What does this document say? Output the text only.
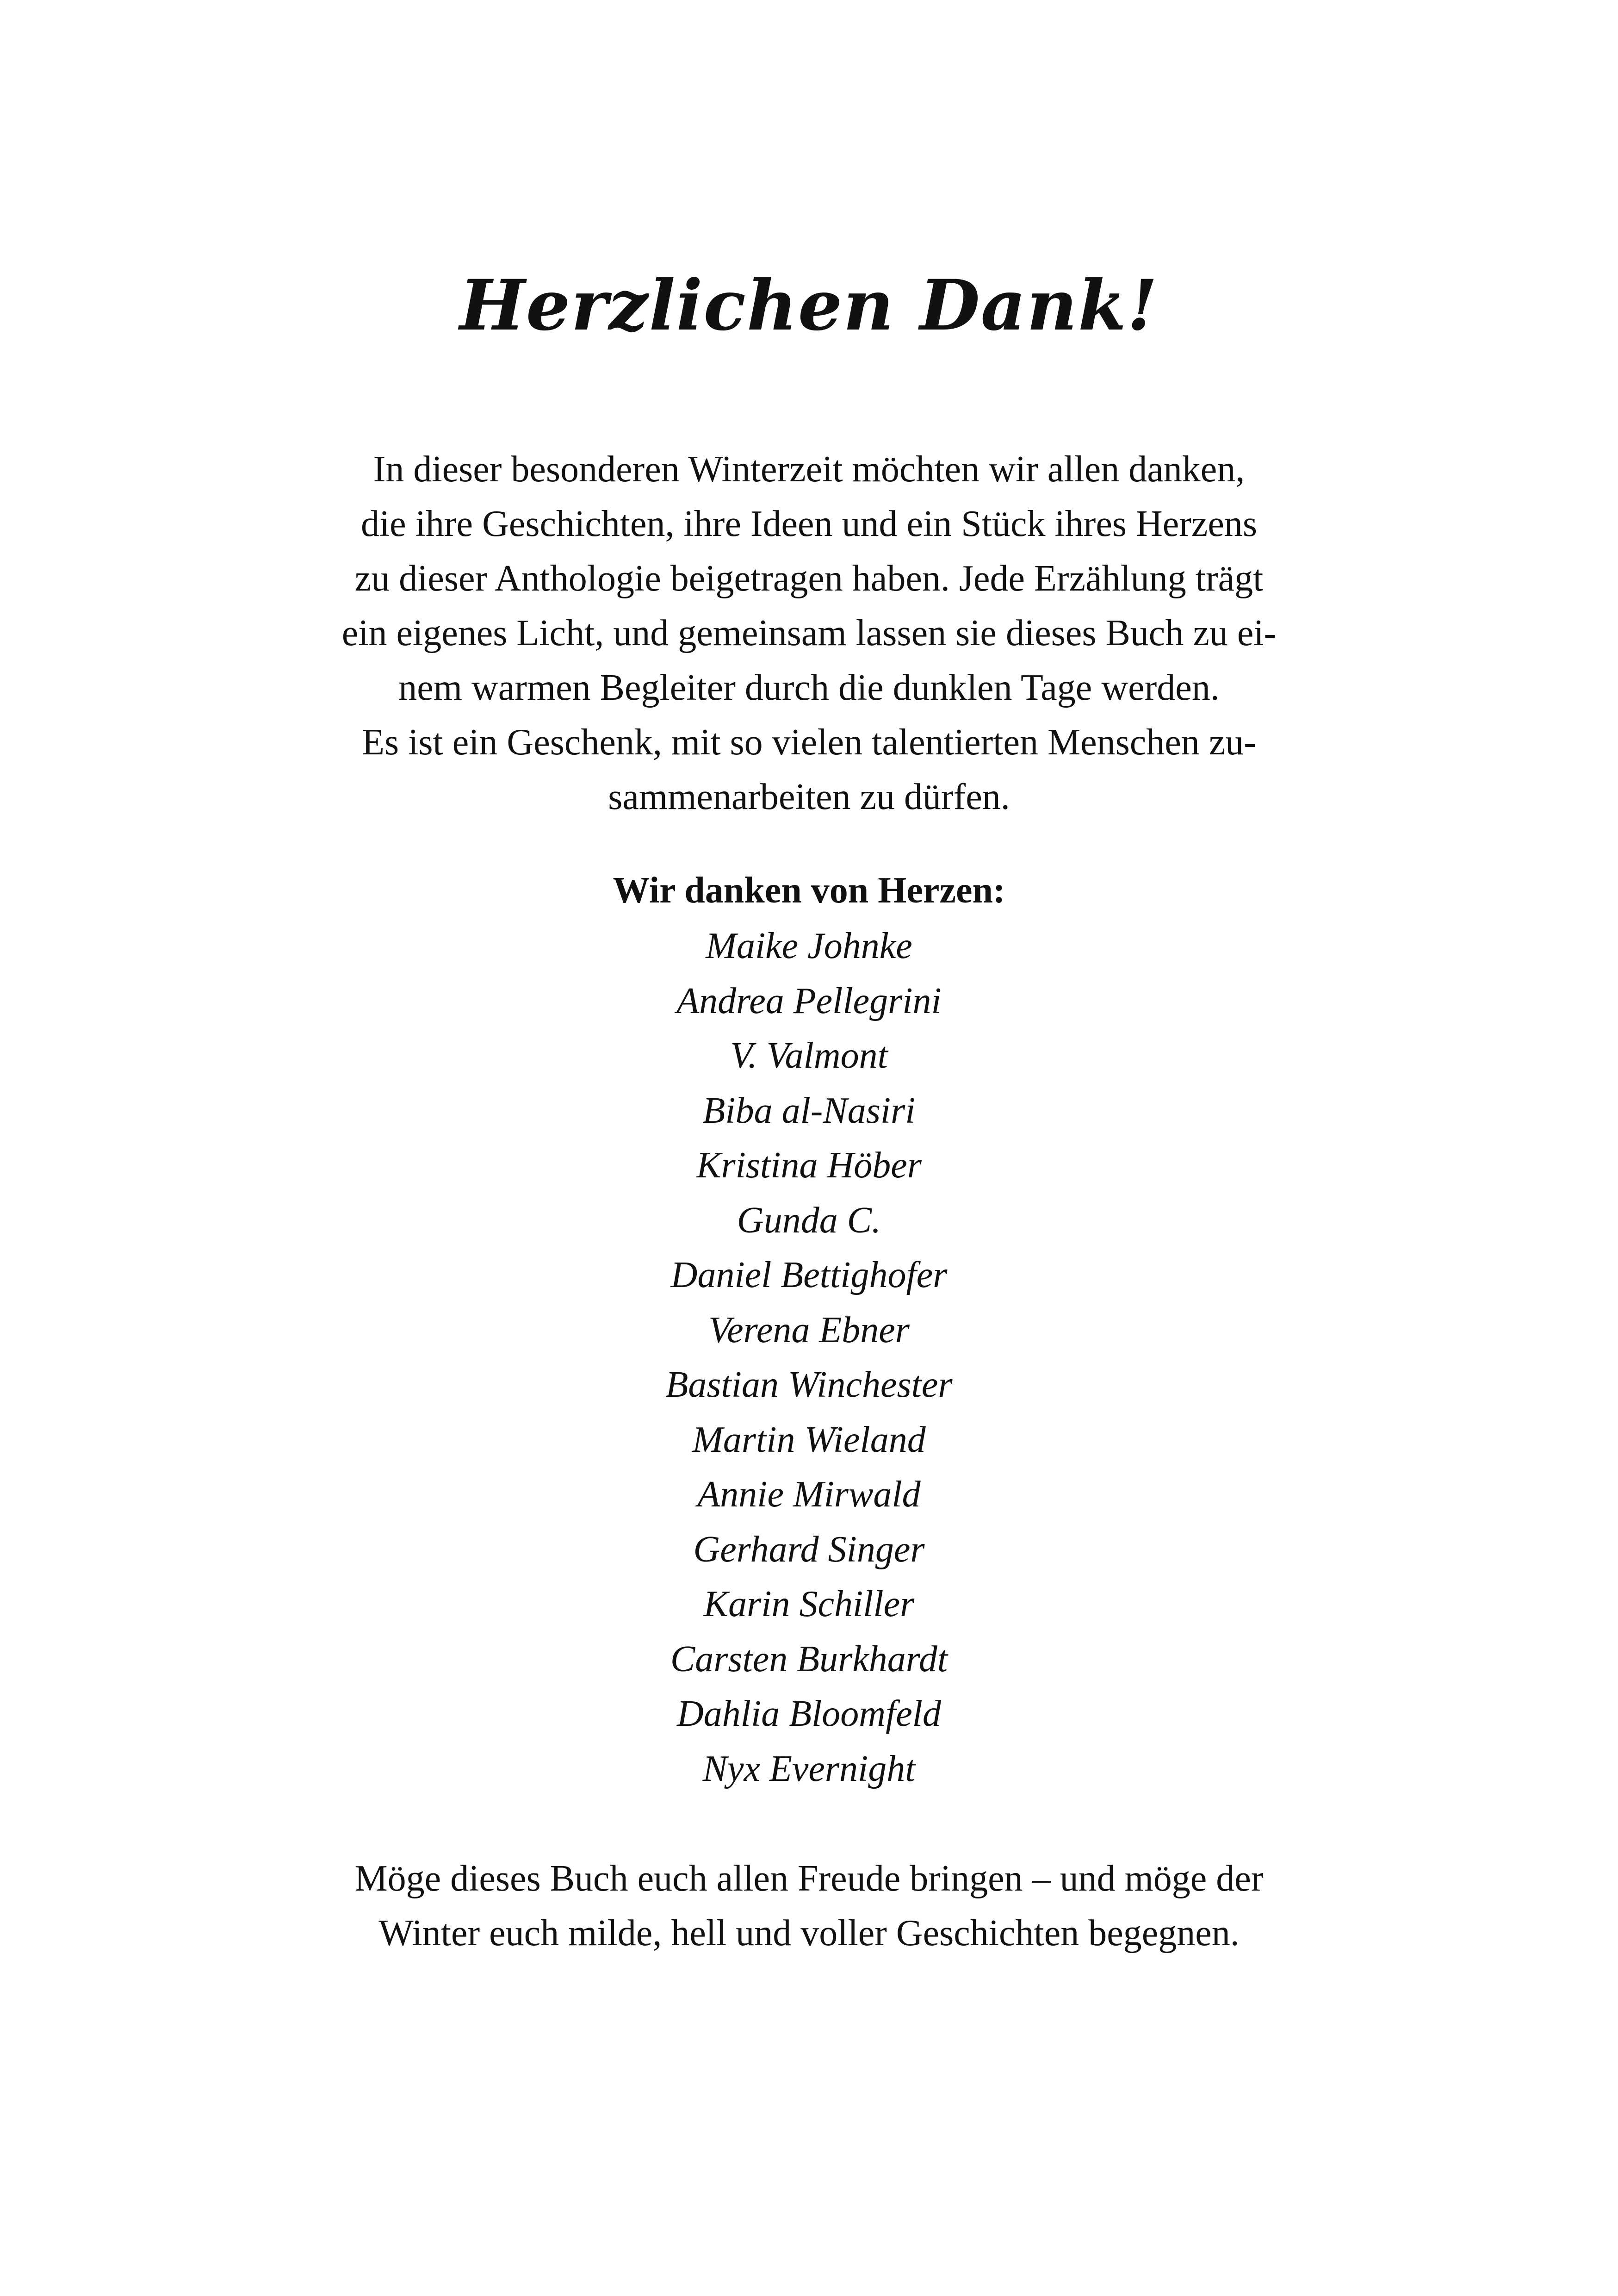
Herzlichen Dank!
In dieser besonderen Winterzeit möchten wir allen danken,
die ihre Geschichten, ihre Ideen und ein Stück ihres Herzens
zu dieser Anthologie beigetragen haben. Jede Erzählung trägt
ein eigenes Licht, und gemeinsam lassen sie dieses Buch zu ei-
nem warmen Begleiter durch die dunklen Tage werden.
Es ist ein Geschenk, mit so vielen talentierten Menschen zu-
sammenarbeiten zu dürfen.
Wir danken von Herzen:
Maike Johnke
Andrea Pellegrini
V. Valmont
Biba al-Nasiri
Kristina Höber
Gunda C.
Daniel Bettighofer
Verena Ebner
Bastian Winchester
Martin Wieland
Annie Mirwald
Gerhard Singer
Karin Schiller
Carsten Burkhardt
Dahlia Bloomfeld
Nyx Evernight
Möge dieses Buch euch allen Freude bringen – und möge der
Winter euch milde, hell und voller Geschichten begegnen.
